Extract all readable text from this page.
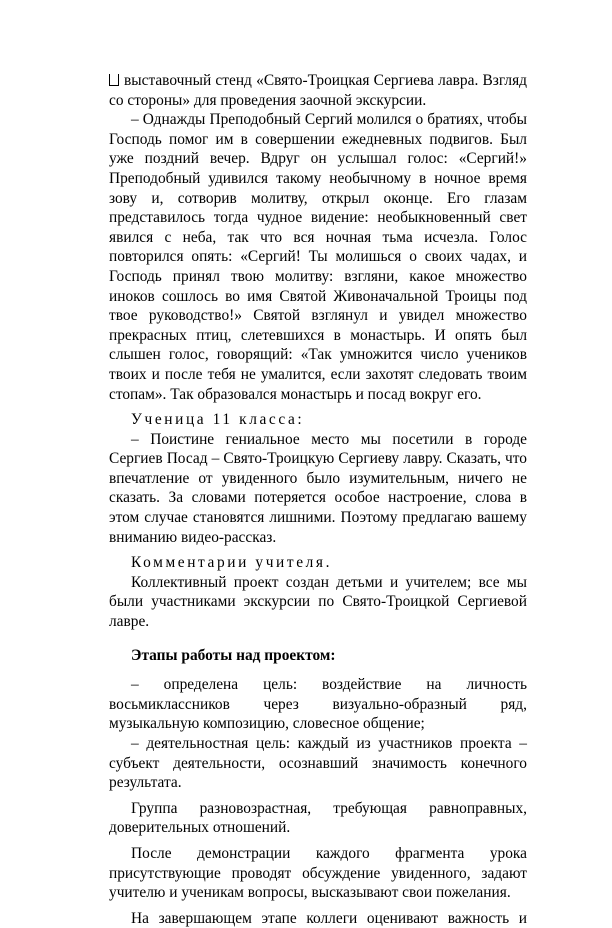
выставочный стенд «Свято-Троицкая Сергиева лавра. Взгляд со стороны» для проведения заочной экскурсии.

– Однажды Преподобный Сергий молился о братиях, чтобы Господь помог им в совершении ежедневных подвигов. Был уже поздний вечер. Вдруг он услышал голос: «Сергий!» Преподобный удивился такому необычному в ночное время зову и, сотворив молитву, открыл оконце. Его глазам представилось тогда чудное видение: необыкновенный свет явился с неба, так что вся ночная тьма исчезла. Голос повторился опять: «Сергий! Ты молишься о своих чадах, и Господь принял твою молитву: взгляни, какое множество иноков сошлось во имя Святой Живоначальной Троицы под твое руководство!» Святой взглянул и увидел множество прекрасных птиц, слетевшихся в монастырь. И опять был слышен голос, говорящий: «Так умножится число учеников твоих и после тебя не умалится, если захотят следовать твоим стопам». Так образовался монастырь и посад вокруг его.

Ученица 11 класса:

– Поистине гениальное место мы посетили в городе Сергиев Посад – Свято-Троицкую Сергиеву лавру. Сказать, что впечатление от увиденного было изумительным, ничего не сказать. За словами потеряется особое настроение, слова в этом случае становятся лишними. Поэтому предлагаю вашему вниманию видео-рассказ.

Комментарии учителя.

Коллективный проект создан детьми и учителем; все мы были участниками экскурсии по Свято-Троицкой Сергиевой лавре.

Этапы работы над проектом:

– определена цель: воздействие на личность восьмиклассников через визуально-образный ряд, музыкальную композицию, словесное общение;

– деятельностная цель: каждый из участников проекта – субъект деятельности, осознавший значимость конечного результата.

Группа разновозрастная, требующая равноправных, доверительных отношений.

После демонстрации каждого фрагмента урока присутствующие проводят обсуждение увиденного, задают учителю и ученикам вопросы, высказывают свои пожелания.

На завершающем этапе коллеги оценивают важность и
